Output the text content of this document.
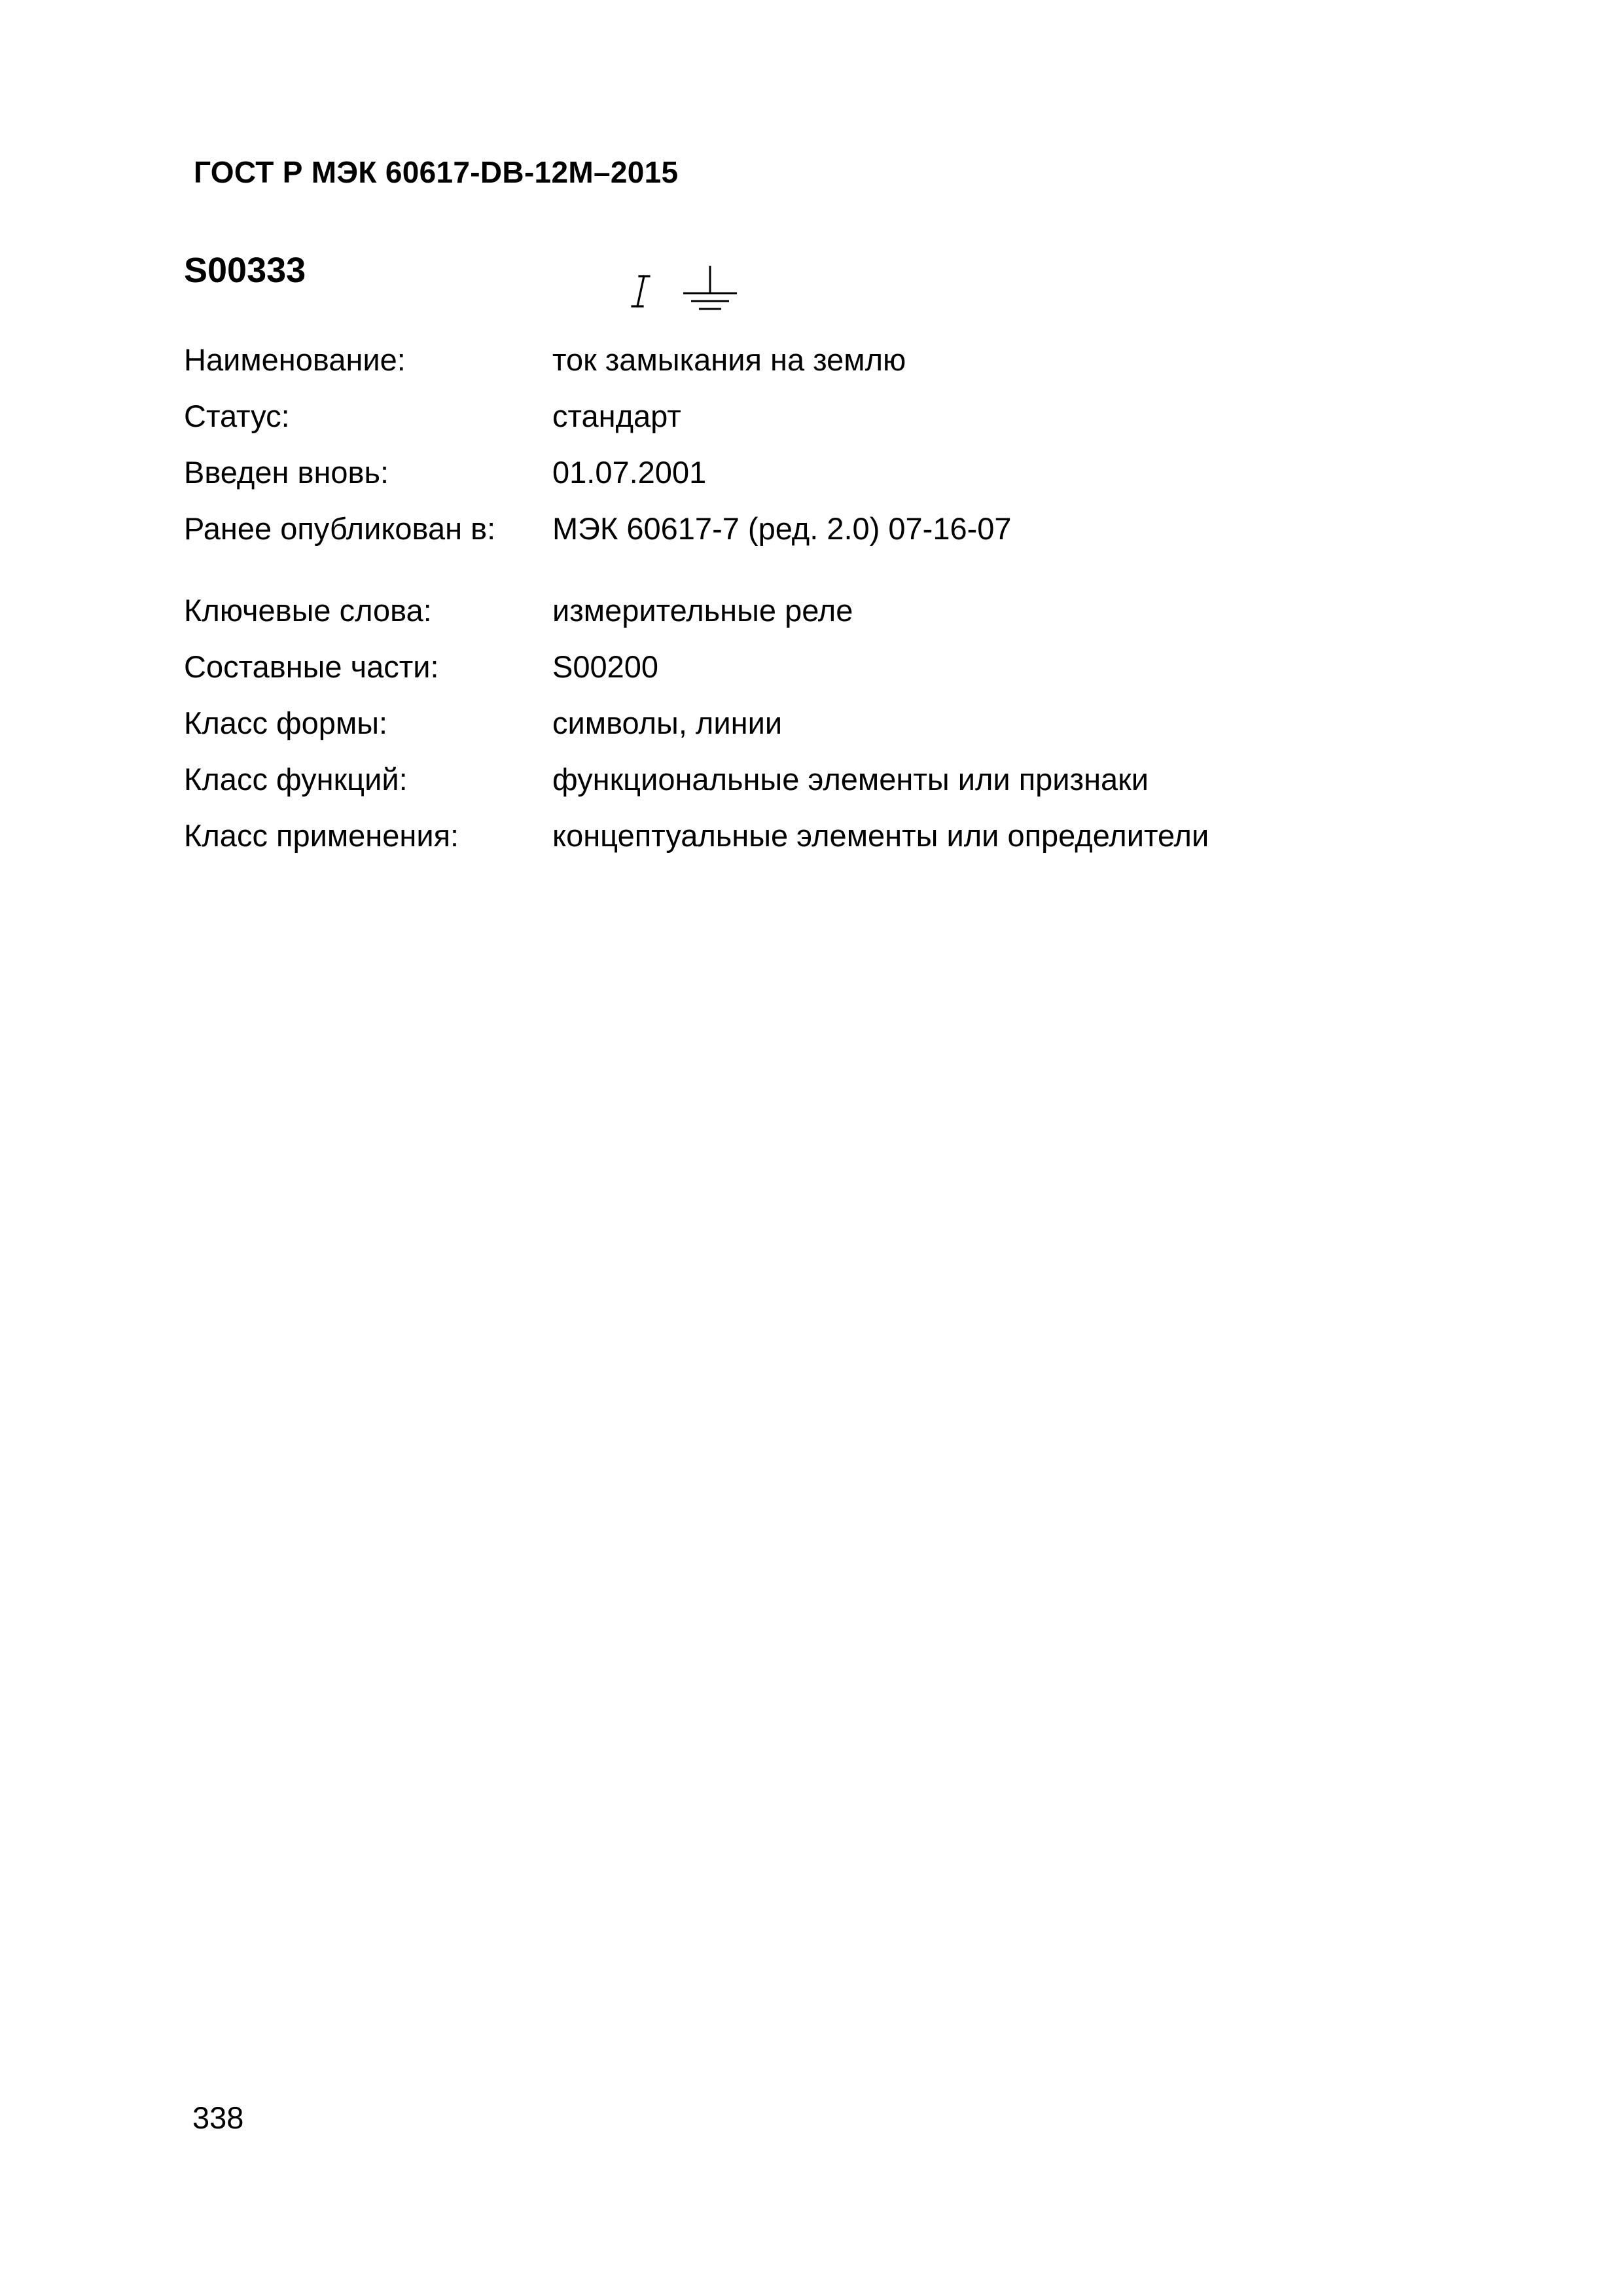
ГОСТ Р МЭК 60617-DB-12M–2015
S00333
Наименование:	ток замыкания на землю
Статус:	стандарт
Введен вновь:	01.07.2001
Ранее опубликован в: МЭК 60617-7 (ред. 2.0) 07-16-07
Ключевые слова:	измерительные реле
Составные части:	S00200
Класс формы:	символы, линии
Класс функций:	функциональные элементы или признаки
Класс применения:	концептуальные элементы или определители
338
